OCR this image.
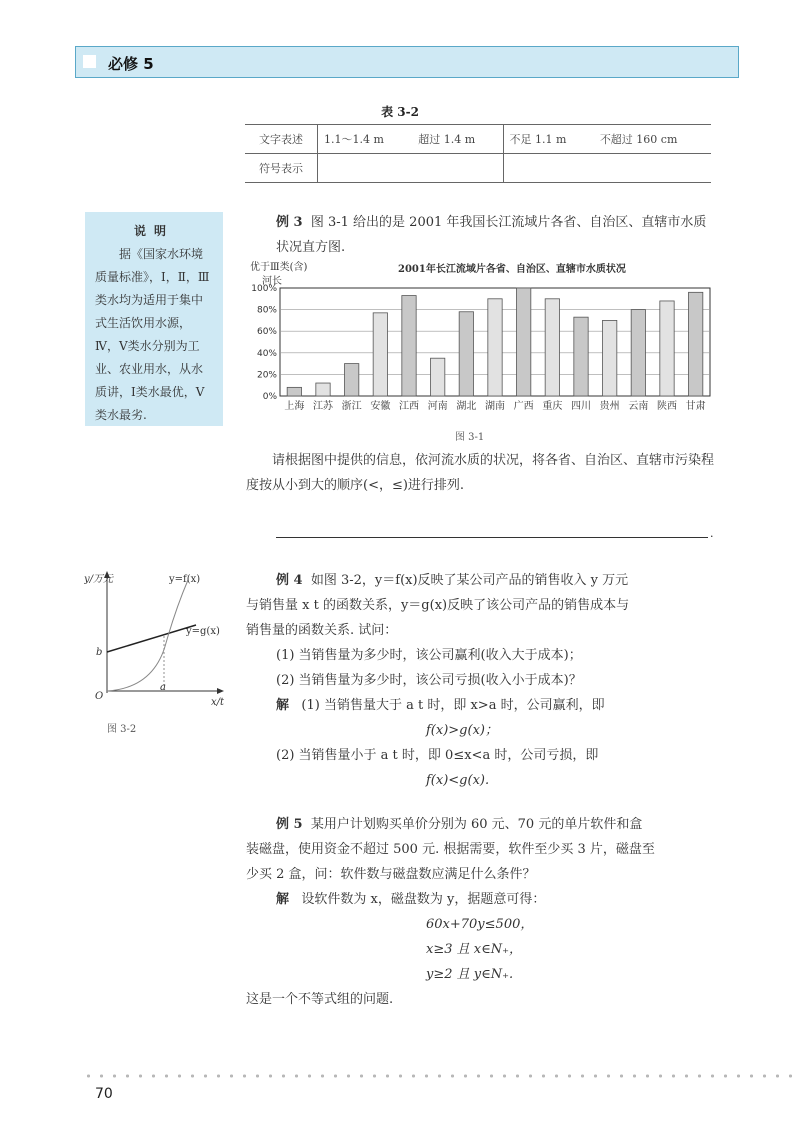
必修 5
表 3-2
文字表述	1.1～1.4 m	超过 1.4 m	不足 1.1 m	不超过 160 cm
符号表示				
说明
据《国家水环境质量标准》，Ⅰ，Ⅱ，Ⅲ类水均为适用于集中式生活饮用水源，Ⅳ，Ⅴ类水分别为工业、农业用水，从水质讲，Ⅰ类水最优，Ⅴ类水最劣.
例 3 图 3-1 给出的是 2001 年我国长江流域片各省、自治区、直辖市水质状况直方图.
优于Ⅲ类(含)	2001年长江流域片各省、自治区、直辖市水质状况
上海 江苏 浙江 安徽 江西 河南 湖北 湖南 广西 重庆 四川 贵州 云南 陕西 甘肃
0%
20%
40%
60%
80%
100%
河长
图 3-1
请根据图中提供的信息，依河流水质的状况，将各省、自治区、直辖市污染程度按从小到大的顺序(<，≤)进行排列.
.
y/万元
x/t
y=f(x)
y=g(x)
b
a
O
图 3-2
例 4 如图 3-2，y＝f(x)反映了某公司产品的销售收入 y 万元
与销售量 x t 的函数关系，y＝g(x)反映了该公司产品的销售成本与
销售量的函数关系. 试问：
(1) 当销售量为多少时，该公司赢利(收入大于成本)；
(2) 当销售量为多少时，该公司亏损(收入小于成本)？
解 (1) 当销售量大于 a t 时，即 x>a 时，公司赢利，即
f(x)>g(x)；
(2) 当销售量小于 a t 时，即 0≤x<a 时，公司亏损，即
f(x)<g(x).
例 5 某用户计划购买单价分别为 60 元、70 元的单片软件和盒
装磁盘，使用资金不超过 500 元. 根据需要，软件至少买 3 片，磁盘至
少买 2 盒，问：软件数与磁盘数应满足什么条件？
解 设软件数为 x，磁盘数为 y，据题意可得：
60x+70y≤500，
x≥3 且 x∈N₊，
y≥2 且 y∈N₊.
这是一个不等式组的问题.
70
